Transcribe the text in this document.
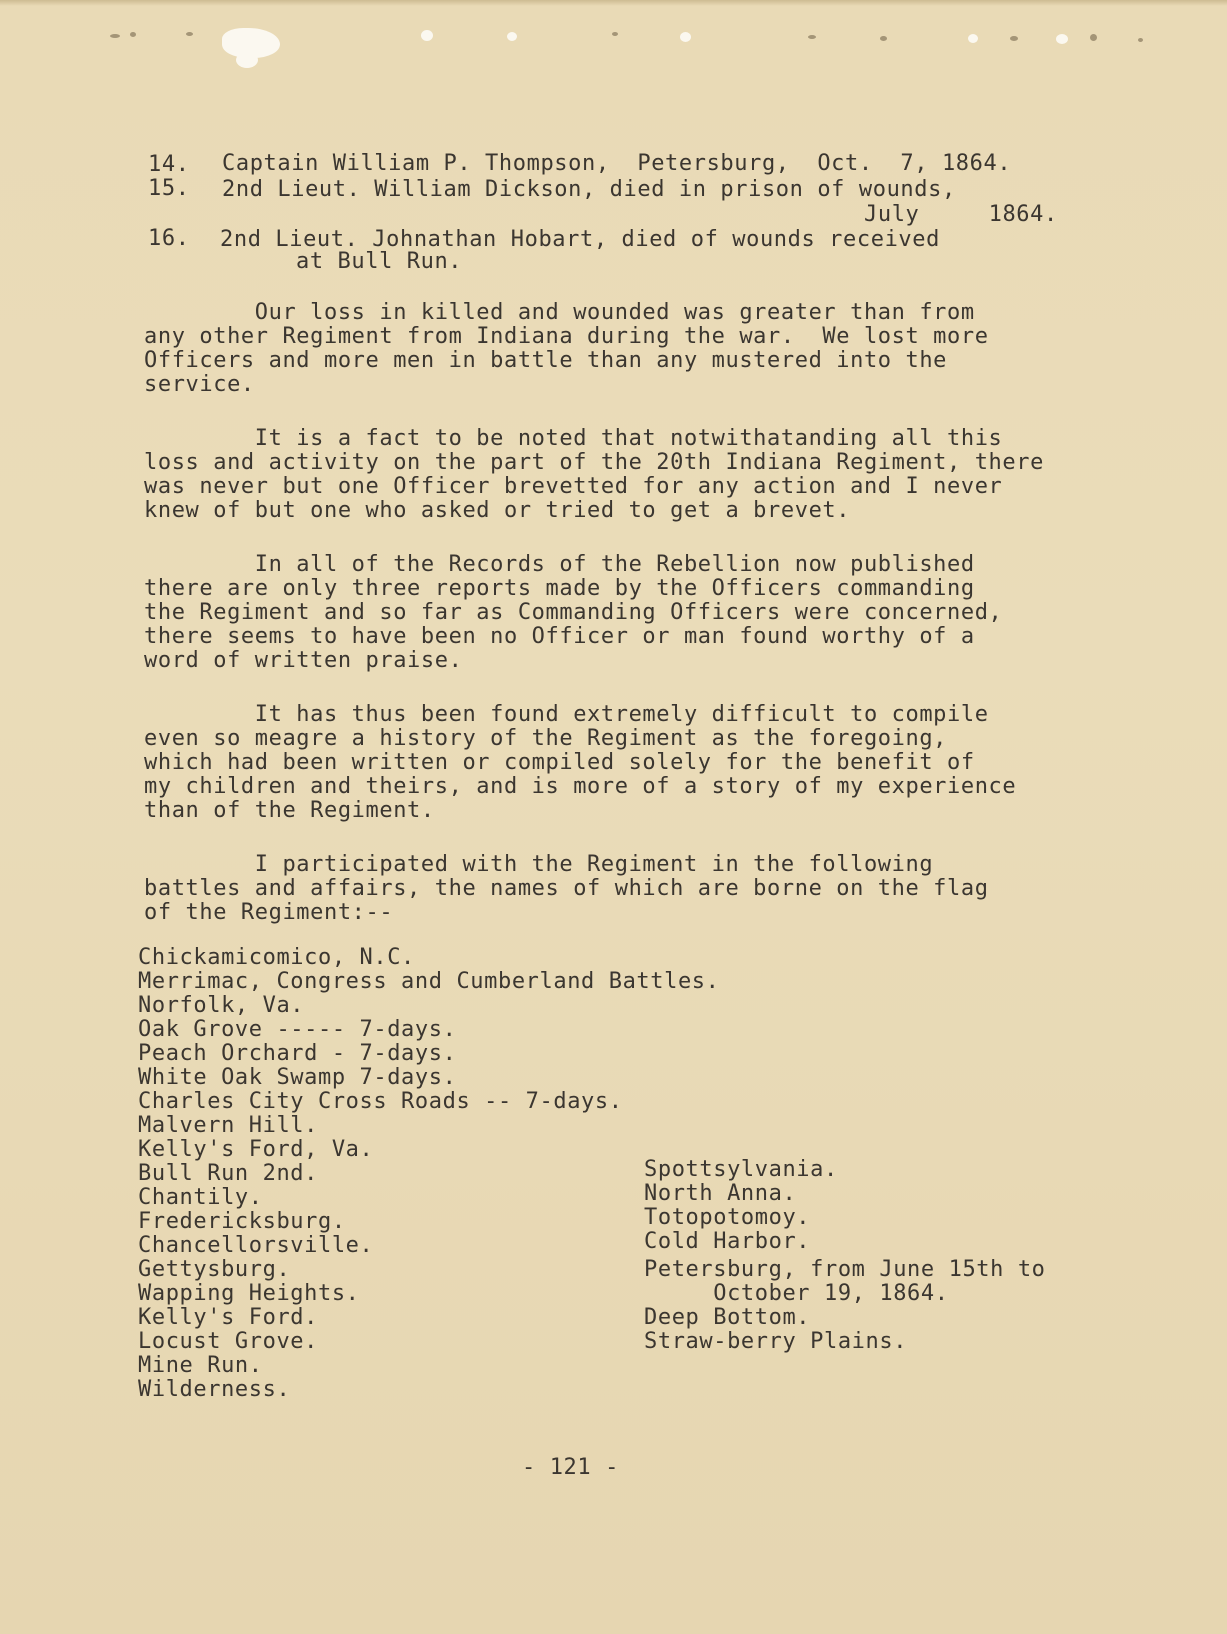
14. Captain William P. Thompson,  Petersburg,  Oct.  7, 1864.
15. 2nd Lieut. William Dickson, died in prison of wounds,
July     1864.
16. 2nd Lieut. Johnathan Hobart, died of wounds received
at Bull Run.
Our loss in killed and wounded was greater than from
any other Regiment from Indiana during the war.  We lost more
Officers and more men in battle than any mustered into the
service.
It is a fact to be noted that notwithatanding all this
loss and activity on the part of the 20th Indiana Regiment, there
was never but one Officer brevetted for any action and I never
knew of but one who asked or tried to get a brevet.
In all of the Records of the Rebellion now published
there are only three reports made by the Officers commanding
the Regiment and so far as Commanding Officers were concerned,
there seems to have been no Officer or man found worthy of a
word of written praise.
It has thus been found extremely difficult to compile
even so meagre a history of the Regiment as the foregoing,
which had been written or compiled solely for the benefit of
my children and theirs, and is more of a story of my experience
than of the Regiment.
I participated with the Regiment in the following
battles and affairs, the names of which are borne on the flag
of the Regiment:--
Chickamicomico, N.C.
Merrimac, Congress and Cumberland Battles.
Norfolk, Va.
Oak Grove ----- 7-days.
Peach Orchard - 7-days.
White Oak Swamp 7-days.
Charles City Cross Roads -- 7-days.
Malvern Hill.
Kelly's Ford, Va.
Bull Run 2nd.
Chantily.
Fredericksburg.
Chancellorsville.
Gettysburg.
Wapping Heights.
Kelly's Ford.
Locust Grove.
Mine Run.
Wilderness.
Spottsylvania.
North Anna.
Totopotomoy.
Cold Harbor.
Petersburg, from June 15th to
October 19, 1864.
Deep Bottom.
Straw-berry Plains.
- 121 -
